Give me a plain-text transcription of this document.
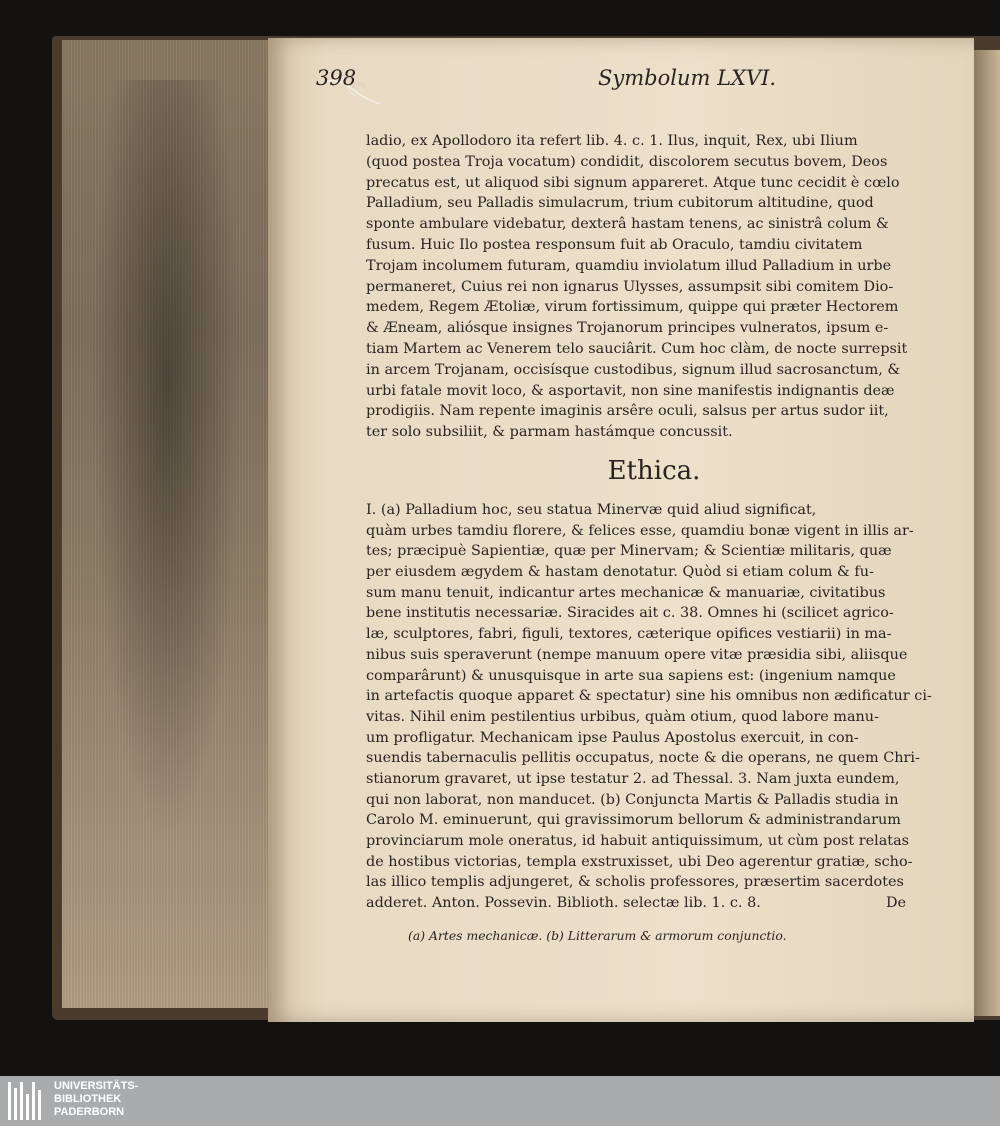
398	Symbolum LXVI.
ladio, ex Apollodoro ita refert lib. 4. c. 1. Ilus, inquit, Rex, ubi Ilium
(quod postea Troja vocatum) condidit, discolorem secutus bovem, Deos
precatus est, ut aliquod sibi signum appareret. Atque tunc cecidit è cœlo
Palladium, seu Palladis simulacrum, trium cubitorum altitudine, quod
sponte ambulare videbatur, dexterâ hastam tenens, ac sinistrâ colum &
fusum. Huic Ilo postea responsum fuit ab Oraculo, tamdiu civitatem
Trojam incolumem futuram, quamdiu inviolatum illud Palladium in urbe
permaneret, Cuius rei non ignarus Ulysses, assumpsit sibi comitem Dio-
medem, Regem Ætoliæ, virum fortissimum, quippe qui præter Hectorem
& Æneam, aliósque insignes Trojanorum principes vulneratos, ipsum e-
tiam Martem ac Venerem telo sauciârit. Cum hoc clàm, de nocte surrepsit
in arcem Trojanam, occisísque custodibus, signum illud sacrosanctum, &
urbi fatale movit loco, & asportavit, non sine manifestis indignantis deæ
prodigiis. Nam repente imaginis arsêre oculi, salsus per artus sudor iit,
ter solo subsiliit, & parmam hastámque concussit.
Ethica.
I. (a) Palladium hoc, seu statua Minervæ quid aliud significat,
quàm urbes tamdiu florere, & felices esse, quamdiu bonæ vigent in illis ar-
tes; præcipuè Sapientiæ, quæ per Minervam; & Scientiæ militaris, quæ
per eiusdem ægydem & hastam denotatur. Quòd si etiam colum & fu-
sum manu tenuit, indicantur artes mechanicæ & manuariæ, civitatibus
bene institutis necessariæ. Siracides ait c. 38. Omnes hi (scilicet agrico-
læ, sculptores, fabri, figuli, textores, cæterique opifices vestiarii) in ma-
nibus suis speraverunt (nempe manuum opere vitæ præsidia sibi, aliisque
comparârunt) & unusquisque in arte sua sapiens est: (ingenium namque
in artefactis quoque apparet & spectatur) sine his omnibus non ædificatur ci-
vitas. Nihil enim pestilentius urbibus, quàm otium, quod labore manu-
um profligatur. Mechanicam ipse Paulus Apostolus exercuit, in con-
suendis tabernaculis pellitis occupatus, nocte & die operans, ne quem Chri-
stianorum gravaret, ut ipse testatur 2. ad Thessal. 3. Nam juxta eundem,
qui non laborat, non manducet. (b) Conjuncta Martis & Palladis studia in
Carolo M. eminuerunt, qui gravissimorum bellorum & administrandarum
provinciarum mole oneratus, id habuit antiquissimum, ut cùm post relatas
de hostibus victorias, templa exstruxisset, ubi Deo agerentur gratiæ, scho-
las illico templis adjungeret, & scholis professores, præsertim sacerdotes
adderet. Anton. Possevin. Biblioth. selectæ lib. 1. c. 8.	De
(a) Artes mechanicæ. (b) Litterarum & armorum conjunctio.
UNIVERSITÄTS-
BIBLIOTHEK
PADERBORN
